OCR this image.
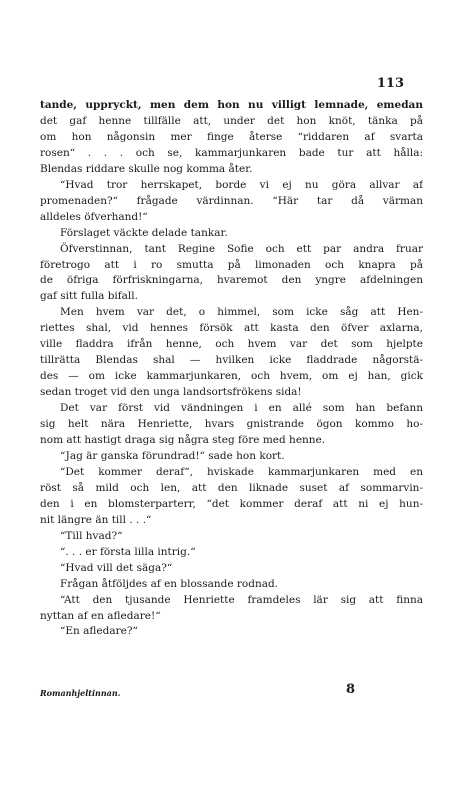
113
tande, uppryckt, men dem hon nu villigt lemnade, emedan
det gaf henne tillfälle att, under det hon knöt, tänka på
om hon någonsin mer finge återse “riddaren af svarta
rosen“ . . . och se, kammarjunkaren bade tur att hålla:
Blendas riddare skulle nog komma åter.
“Hvad tror herrskapet, borde vi ej nu göra allvar af
promenaden?“ frågade värdinnan. “Här tar då värman
alldeles öfverhand!“
Förslaget väckte delade tankar.
Öfverstinnan, tant Regine Sofie och ett par andra fruar
företrogo att i ro smutta på limonaden och knapra på
de öfriga förfriskningarna, hvaremot den yngre afdelningen
gaf sitt fulla bifall.
Men hvem var det, o himmel, som icke såg att Hen-
riettes shal, vid hennes försök att kasta den öfver axlarna,
ville fladdra ifrån henne, och hvem var det som hjelpte
tillrätta Blendas shal — hvilken icke fladdrade någorstä-
des — om icke kammarjunkaren, och hvem, om ej han, gick
sedan troget vid den unga landsortsfrökens sida!
Det var först vid vändningen i en allé som han befann
sig helt nära Henriette, hvars gnistrande ögon kommo ho-
nom att hastigt draga sig några steg före med henne.
“Jag är ganska förundrad!“ sade hon kort.
“Det kommer deraf“, hviskade kammarjunkaren med en
röst så mild och len, att den liknade suset af sommarvin-
den i en blomsterparterr, “det kommer deraf att ni ej hun-
nit längre än till . . .“
“Till hvad?“
“. . . er första lilla intrig.“
“Hvad vill det säga?“
Frågan åtföljdes af en blossande rodnad.
“Att den tjusande Henriette framdeles lär sig att finna
nyttan af en afledare!“
“En afledare?“
Romanhjeltinnan.	8
